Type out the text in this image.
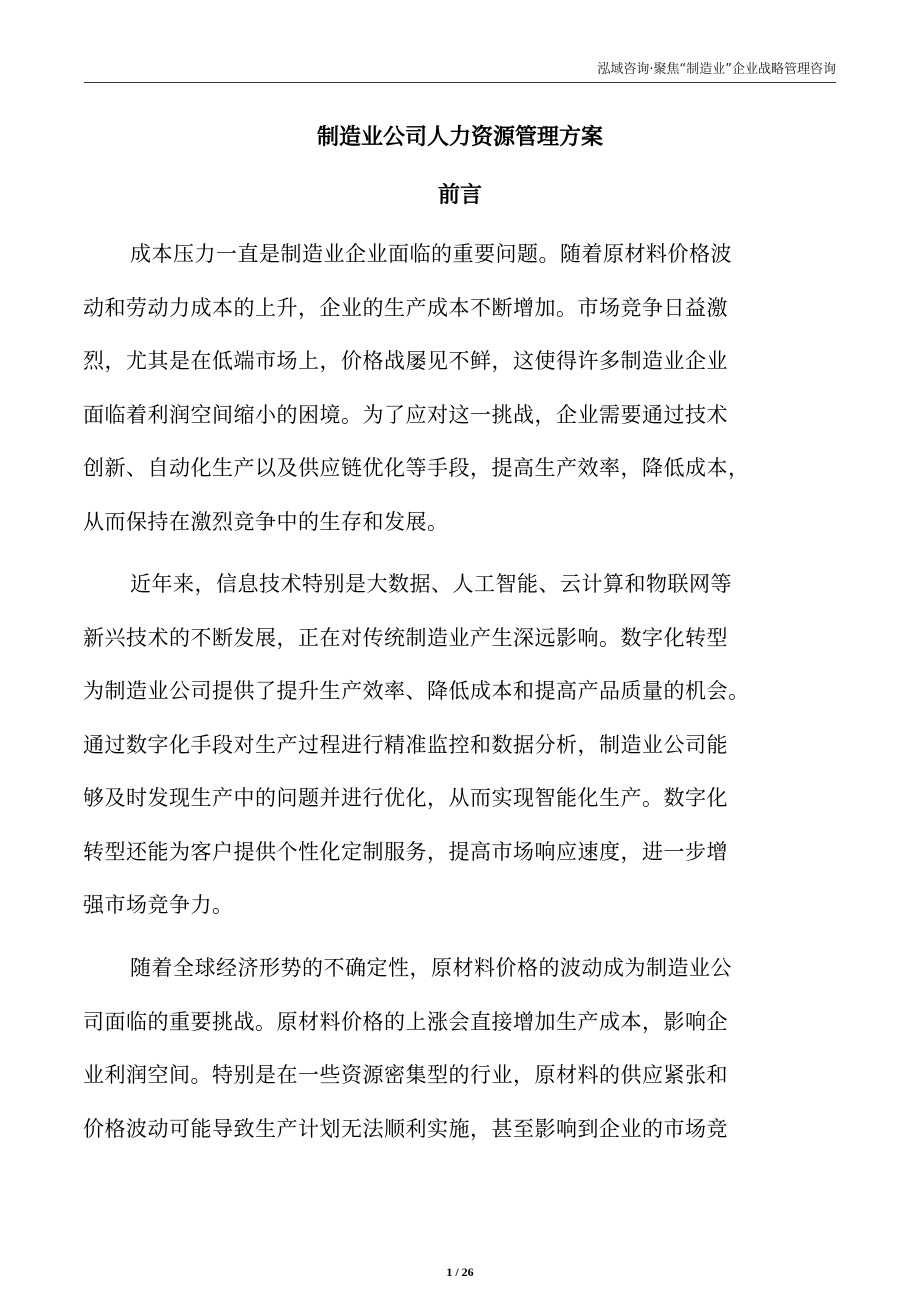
泓域咨询·聚焦“制造业”企业战略管理咨询
制造业公司人力资源管理方案
前言
成本压力一直是制造业企业面临的重要问题。随着原材料价格波
动和劳动力成本的上升，企业的生产成本不断增加。市场竞争日益激
烈，尤其是在低端市场上，价格战屡见不鲜，这使得许多制造业企业
面临着利润空间缩小的困境。为了应对这一挑战，企业需要通过技术
创新、自动化生产以及供应链优化等手段，提高生产效率，降低成本，
从而保持在激烈竞争中的生存和发展。
近年来，信息技术特别是大数据、人工智能、云计算和物联网等
新兴技术的不断发展，正在对传统制造业产生深远影响。数字化转型
为制造业公司提供了提升生产效率、降低成本和提高产品质量的机会。
通过数字化手段对生产过程进行精准监控和数据分析，制造业公司能
够及时发现生产中的问题并进行优化，从而实现智能化生产。数字化
转型还能为客户提供个性化定制服务，提高市场响应速度，进一步增
强市场竞争力。
随着全球经济形势的不确定性，原材料价格的波动成为制造业公
司面临的重要挑战。原材料价格的上涨会直接增加生产成本，影响企
业利润空间。特别是在一些资源密集型的行业，原材料的供应紧张和
价格波动可能导致生产计划无法顺利实施，甚至影响到企业的市场竞
1 / 26
